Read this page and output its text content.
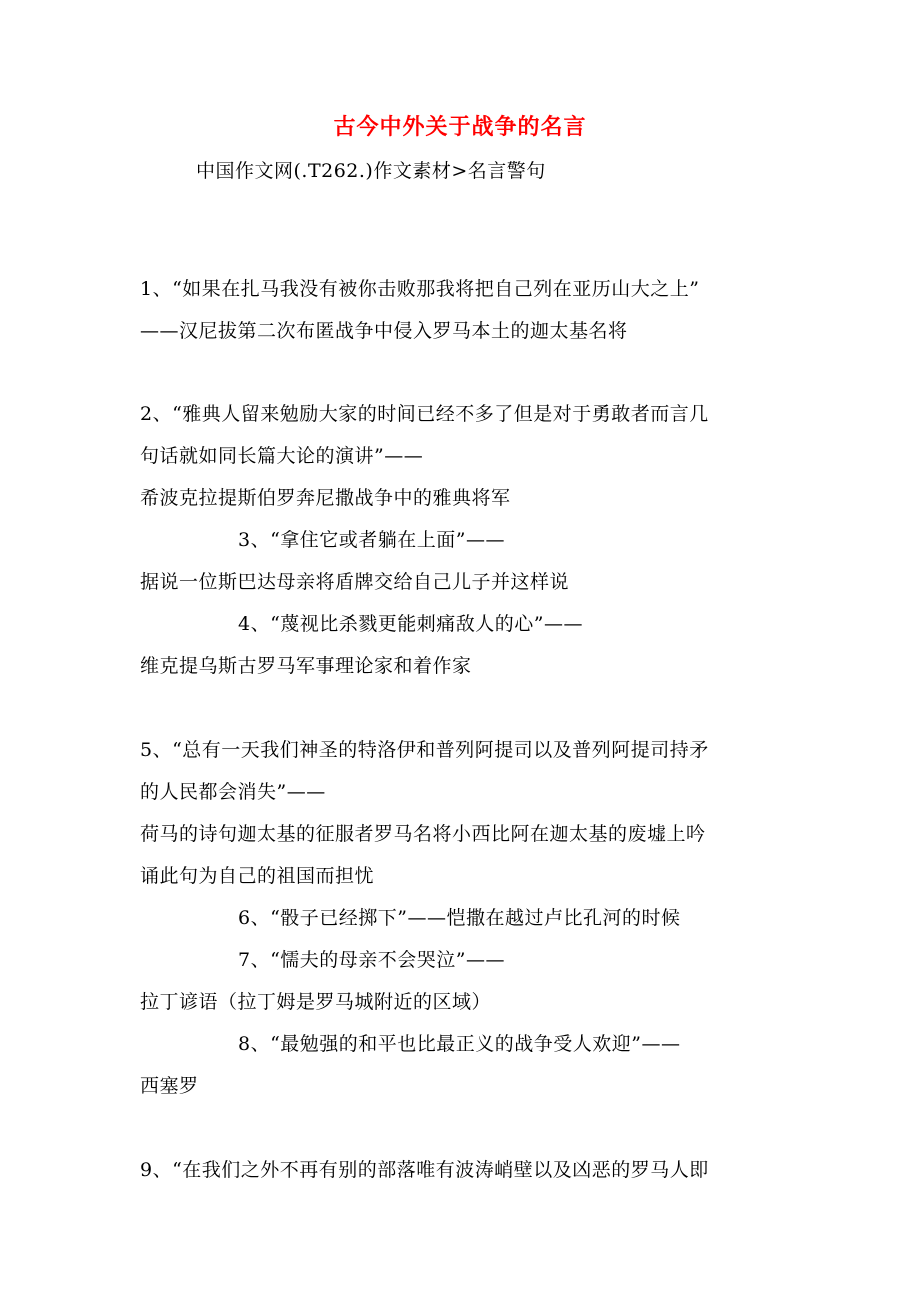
古今中外关于战争的名言
中国作文网(.T262.)作文素材>名言警句
1、“如果在扎马我没有被你击败那我将把自己列在亚历山大之上”
——汉尼拔第二次布匿战争中侵入罗马本土的迦太基名将
2、“雅典人留来勉励大家的时间已经不多了但是对于勇敢者而言几
句话就如同长篇大论的演讲”——
希波克拉提斯伯罗奔尼撒战争中的雅典将军
3、“拿住它或者躺在上面”——
据说一位斯巴达母亲将盾牌交给自己儿子并这样说
4、“蔑视比杀戮更能刺痛敌人的心”——
维克提乌斯古罗马军事理论家和着作家
5、“总有一天我们神圣的特洛伊和普列阿提司以及普列阿提司持矛
的人民都会消失”——
荷马的诗句迦太基的征服者罗马名将小西比阿在迦太基的废墟上吟
诵此句为自己的祖国而担忧
6、“骰子已经掷下”——恺撒在越过卢比孔河的时候
7、“懦夫的母亲不会哭泣”——
拉丁谚语（拉丁姆是罗马城附近的区域）
8、“最勉强的和平也比最正义的战争受人欢迎”——
西塞罗
9、“在我们之外不再有别的部落唯有波涛峭壁以及凶恶的罗马人即
